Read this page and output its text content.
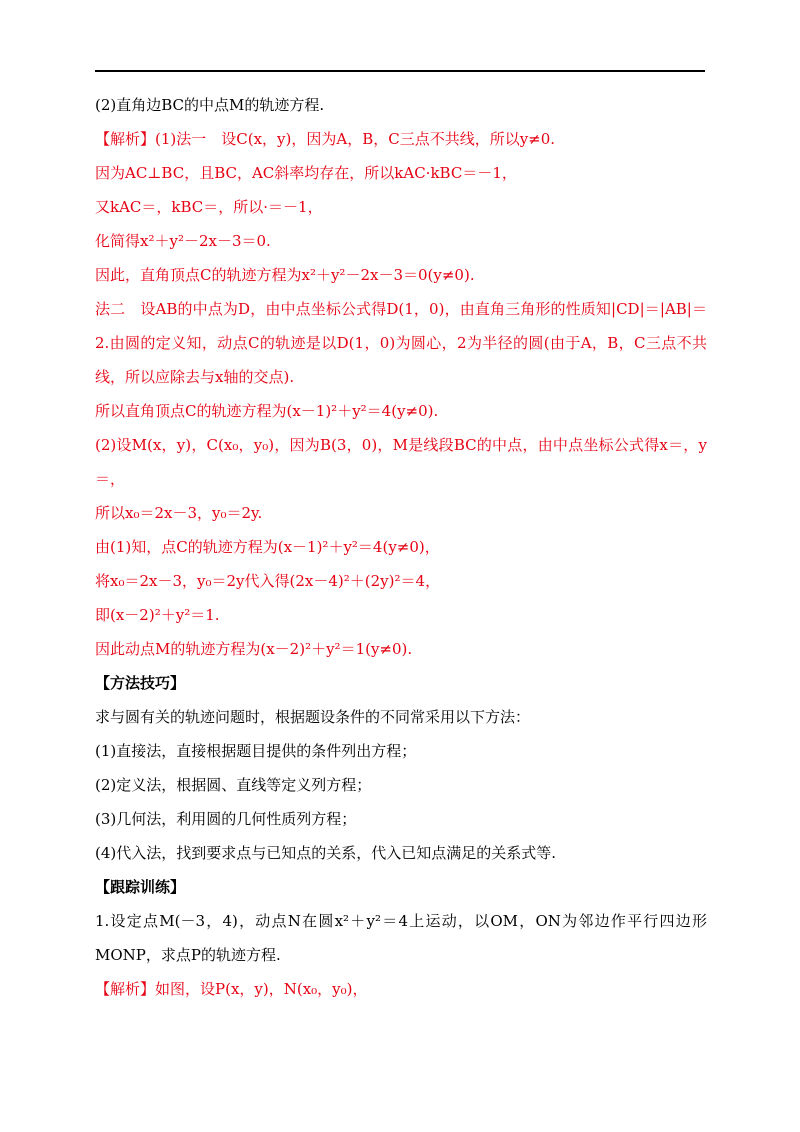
(2)直角边BC的中点M的轨迹方程.
【解析】(1)法一　设C(x，y)，因为A，B，C三点不共线，所以y≠0.
因为AC⊥BC，且BC，AC斜率均存在，所以kAC·kBC＝－1，
又kAC＝，kBC＝，所以·＝－1，
化简得x²＋y²－2x－3＝0.
因此，直角顶点C的轨迹方程为x²＋y²－2x－3＝0(y≠0).
法二　设AB的中点为D，由中点坐标公式得D(1，0)，由直角三角形的性质知|CD|＝|AB|＝2.由圆的定义知，动点C的轨迹是以D(1，0)为圆心，2为半径的圆(由于A，B，C三点不共线，所以应除去与x轴的交点).
所以直角顶点C的轨迹方程为(x－1)²＋y²＝4(y≠0).
(2)设M(x，y)，C(x₀，y₀)，因为B(3，0)，M是线段BC的中点，由中点坐标公式得x＝，y＝，
所以x₀＝2x－3，y₀＝2y.
由(1)知，点C的轨迹方程为(x－1)²＋y²＝4(y≠0)，
将x₀＝2x－3，y₀＝2y代入得(2x－4)²＋(2y)²＝4，
即(x－2)²＋y²＝1.
因此动点M的轨迹方程为(x－2)²＋y²＝1(y≠0).
【方法技巧】
求与圆有关的轨迹问题时，根据题设条件的不同常采用以下方法：
(1)直接法，直接根据题目提供的条件列出方程；
(2)定义法，根据圆、直线等定义列方程；
(3)几何法，利用圆的几何性质列方程；
(4)代入法，找到要求点与已知点的关系，代入已知点满足的关系式等.
【跟踪训练】
1.设定点M(－3，4)，动点N在圆x²＋y²＝4上运动，以OM，ON为邻边作平行四边形MONP，求点P的轨迹方程.
【解析】如图，设P(x，y)，N(x₀，y₀)，
